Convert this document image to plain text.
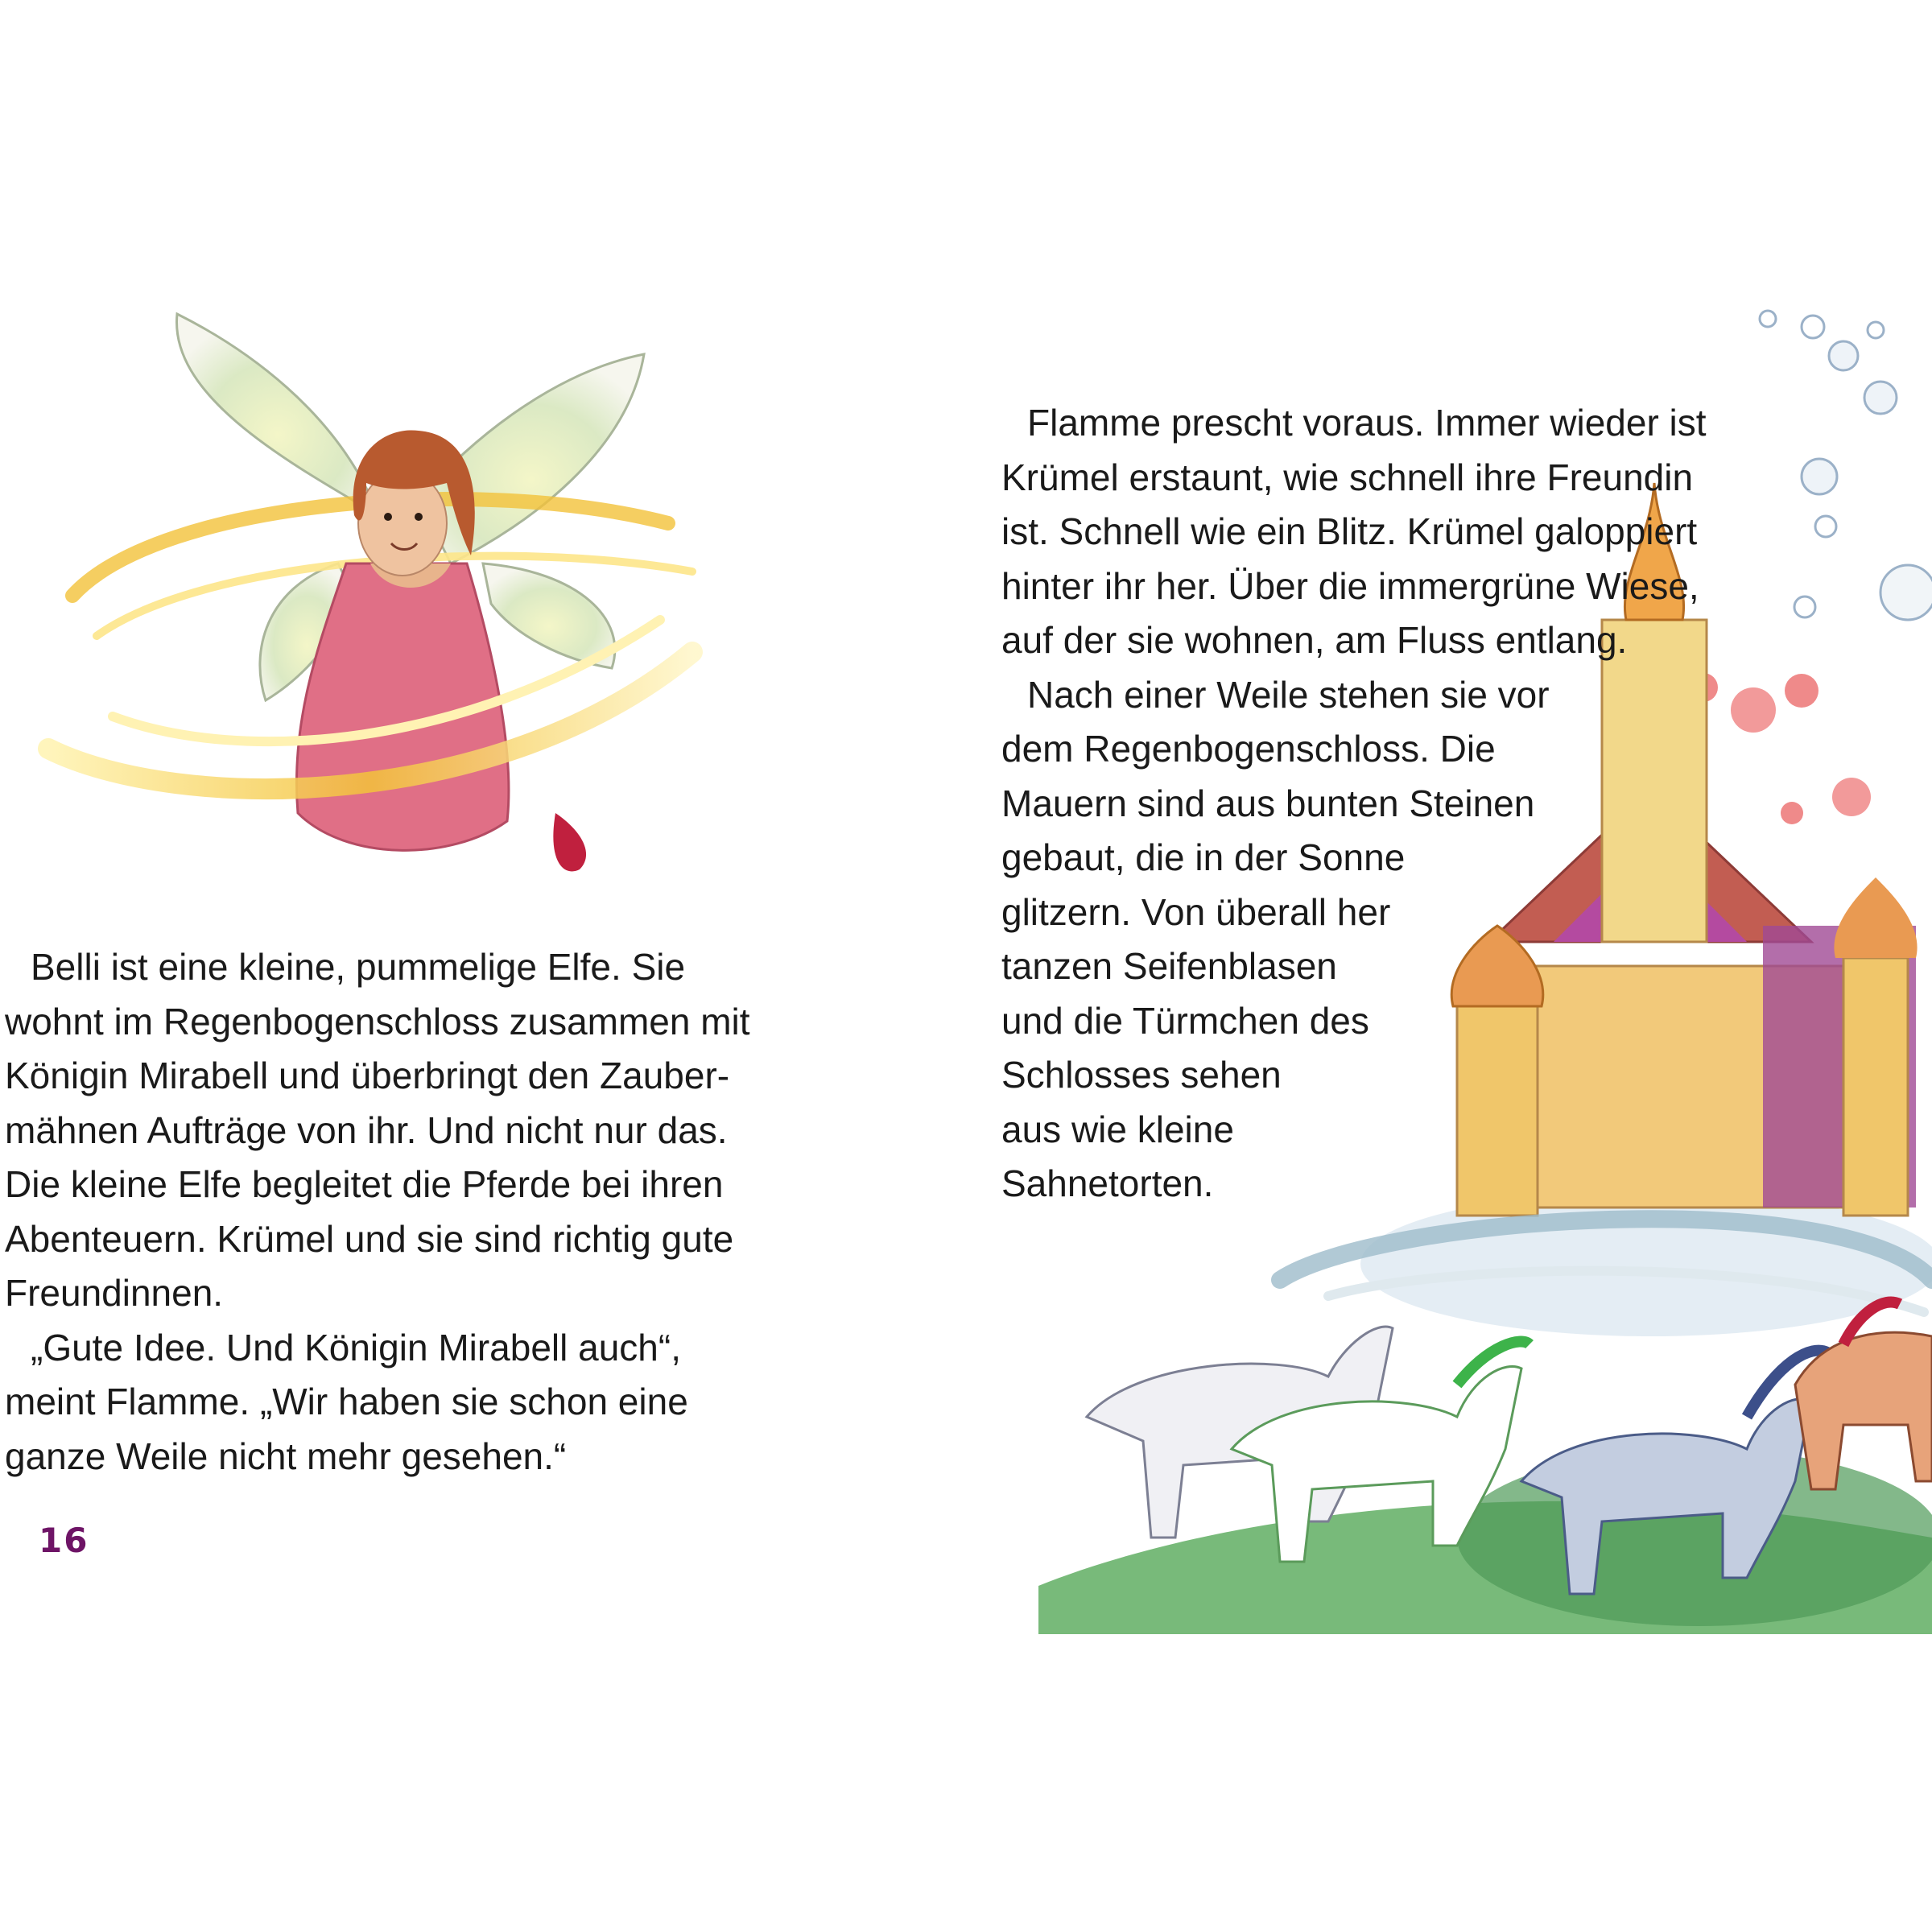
Belli ist eine kleine, pummelige Elfe. Sie
wohnt im Regenbogenschloss zusammen mit
Königin Mirabell und überbringt den Zauber-
mähnen Aufträge von ihr. Und nicht nur das.
Die kleine Elfe begleitet die Pferde bei ihren
Abenteuern. Krümel und sie sind richtig gute
Freundinnen.
„Gute Idee. Und Königin Mirabell auch“,
meint Flamme. „Wir haben sie schon eine
ganze Weile nicht mehr gesehen.“
16
Flamme prescht voraus. Immer wieder ist
Krümel erstaunt, wie schnell ihre Freundin
ist. Schnell wie ein Blitz. Krümel galoppiert
hinter ihr her. Über die immergrüne Wiese,
auf der sie wohnen, am Fluss entlang.
Nach einer Weile stehen sie vor
dem Regenbogenschloss. Die
Mauern sind aus bunten Steinen
gebaut, die in der Sonne
glitzern. Von überall her
tanzen Seifenblasen
und die Türmchen des
Schlosses sehen
aus wie kleine
Sahnetorten.
